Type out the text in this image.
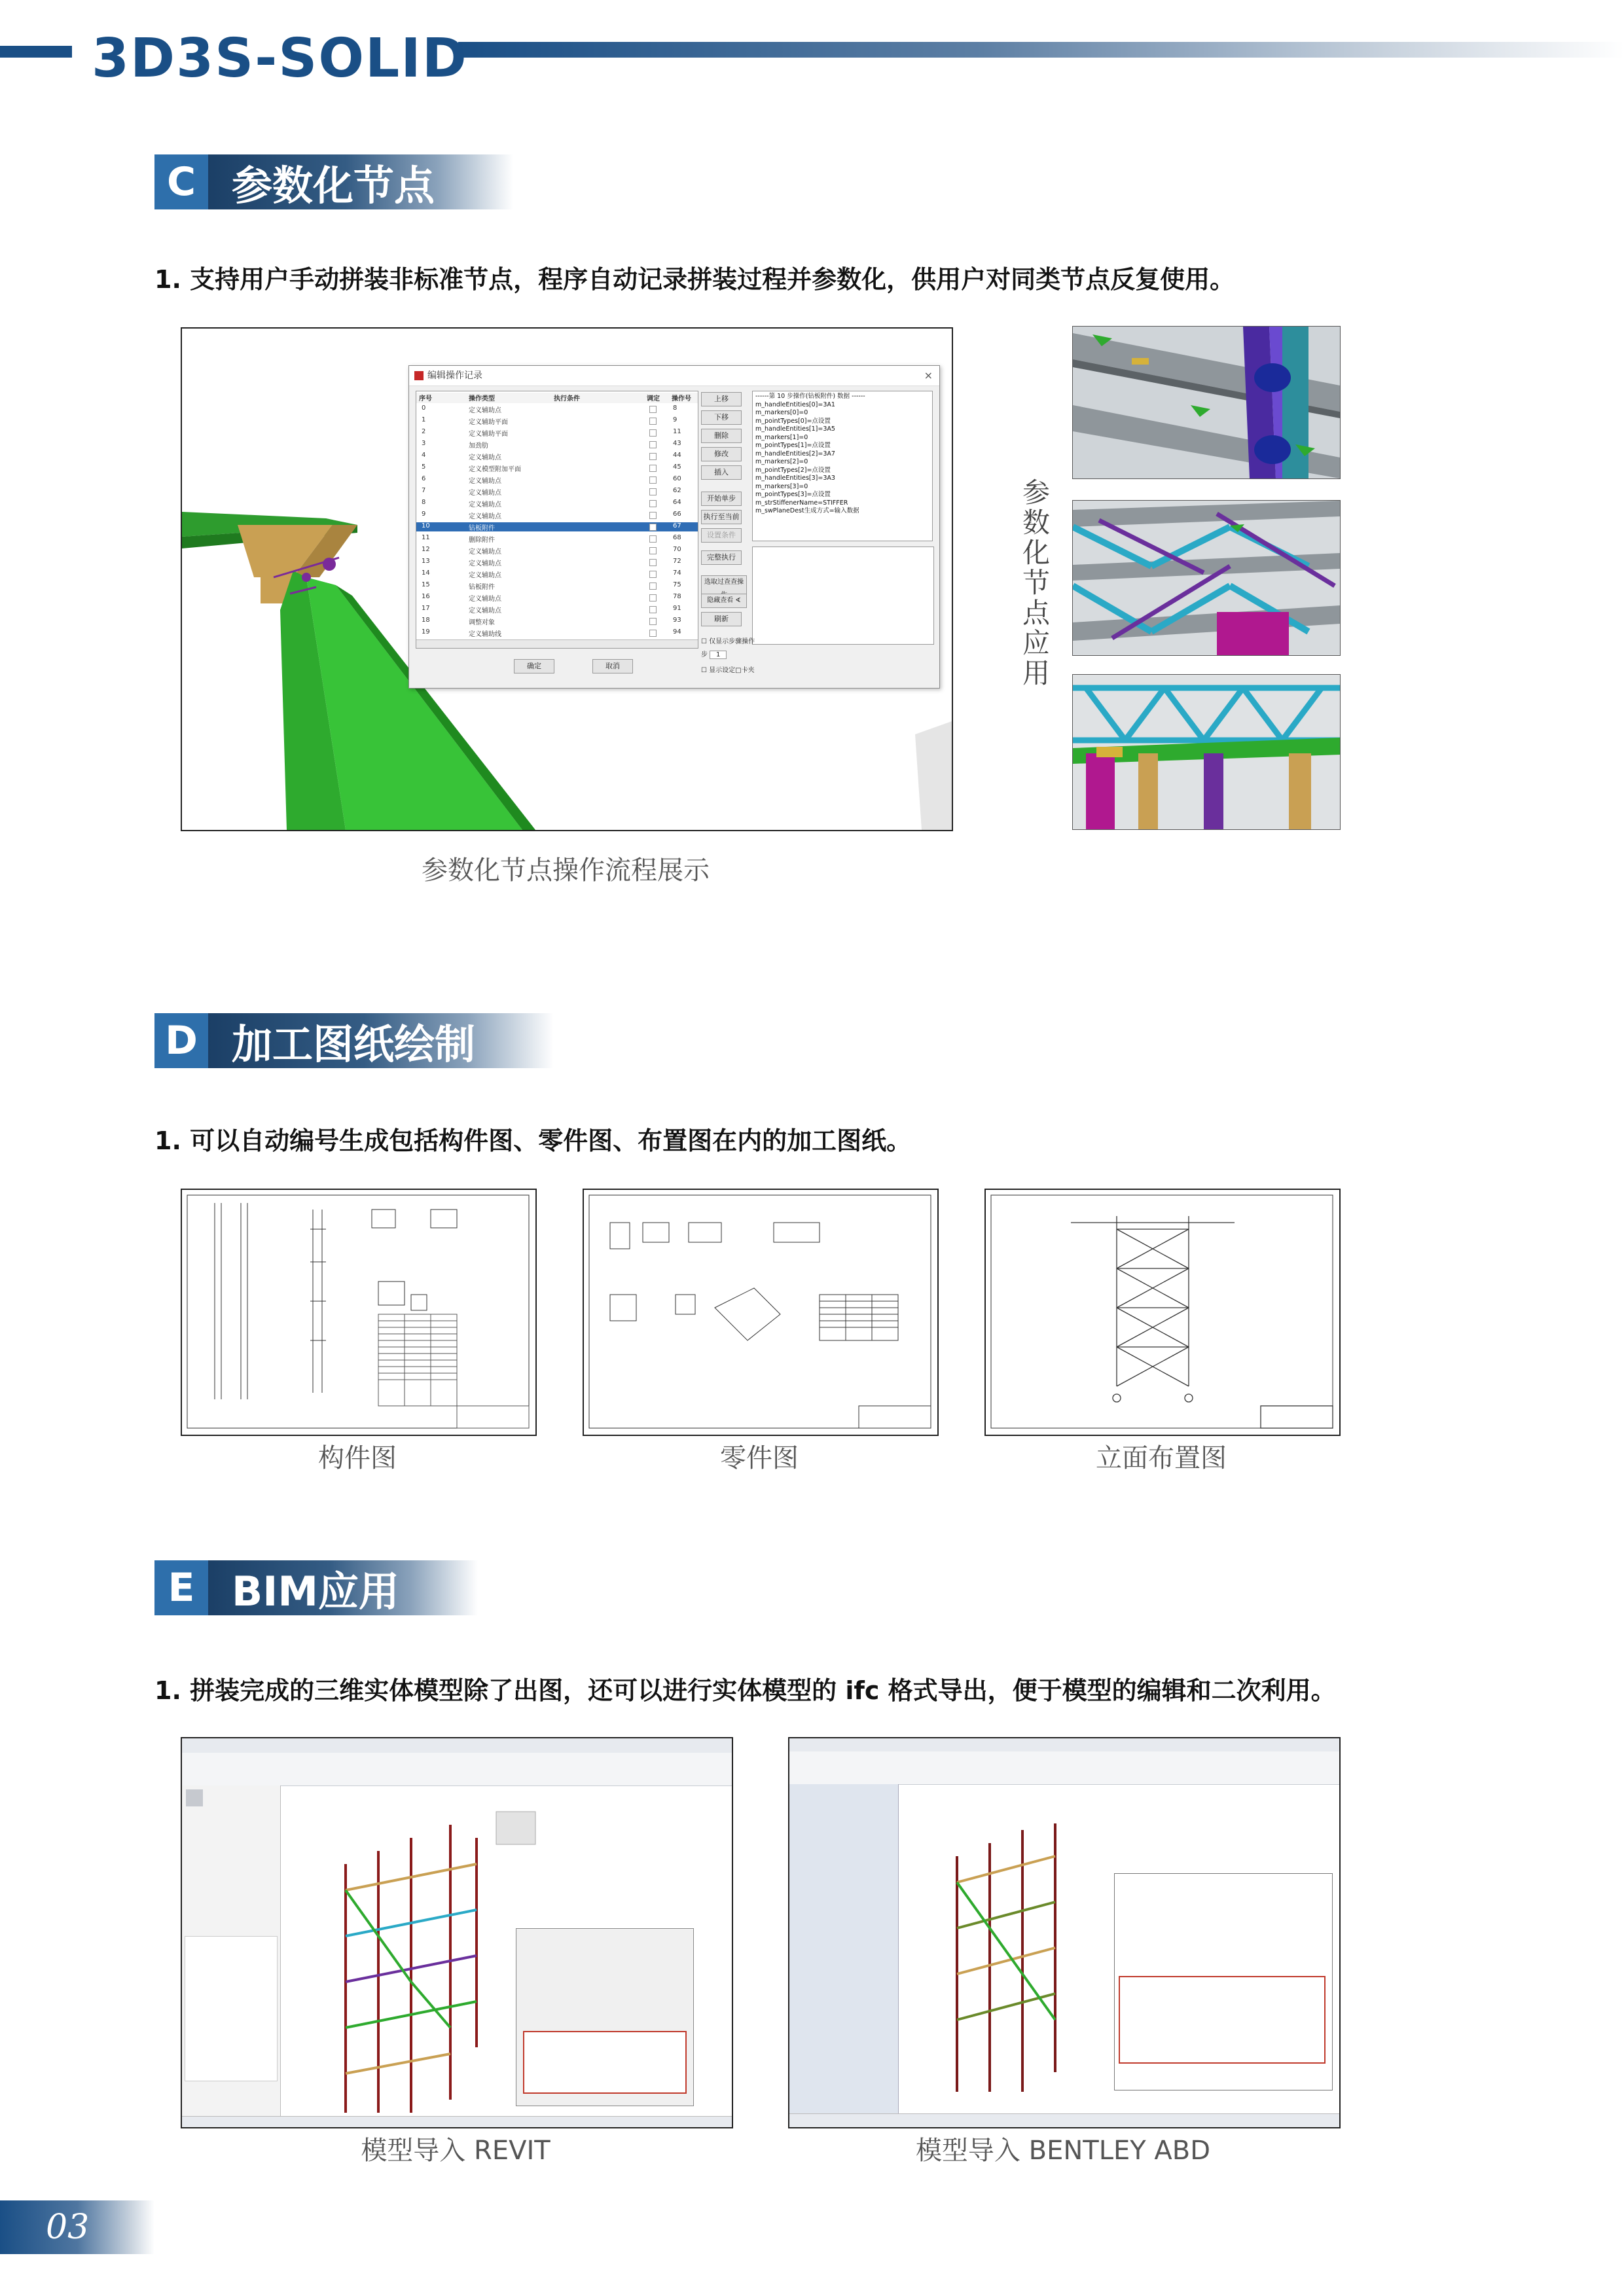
3D3S-SOLID
C 参数化节点
1. 支持用户手动拼装非标准节点，程序自动记录拼装过程并参数化，供用户对同类节点反复使用。
编辑操作记录	×
序号	操作类型	执行条件	调定 操作号
0	定义辅助点	8
1	定义辅助平面	9
2	定义辅助平面	11
3	加劲肋	43
4	定义辅助点	44
5	定义模型附加平面	45
6	定义辅助点	60
7	定义辅助点	62
8	定义辅助点	64
9	定义辅助点	66
10	钻板附件	67
11	删除附件	68
12	定义辅助点	70
13	定义辅助点	72
14	定义辅助点	74
15	钻板附件	75
16	定义辅助点	78
17	定义辅助点	91
18	调整对象	93
19	定义辅助线	94
上移
下移
删除
修改
插入
开始单步
执行至当前
设置条件
完整执行
选取过查查操
隐藏查看 ∢
刷新
------第 10 步操作(钻板附件) 数据 ------
m_handleEntities[0]=3A1
m_markers[0]=0
m_pointTypes[0]=点设置
m_handleEntities[1]=3A5
m_markers[1]=0
m_pointTypes[1]=点设置
m_handleEntities[2]=3A7
m_markers[2]=0
m_pointTypes[2]=点设置
m_handleEntities[3]=3A3
m_markers[3]=0
m_pointTypes[3]=点设置
m_strStiffenerName=STIFFER
m_swPlaneDest生成方式=输入数据
☐ 仅显示步骤操作
步 1
☐ 显示设定□卡夹
确定	取消
参数化节点操作流程展示
参数化节点应用
D 加工图纸绘制
1. 可以自动编号生成包括构件图、零件图、布置图在内的加工图纸。
构件图	零件图	立面布置图
E BIM应用
1. 拼装完成的三维实体模型除了出图，还可以进行实体模型的 ifc 格式导出，便于模型的编辑和二次利用。
模型导入 REVIT	模型导入 BENTLEY ABD
03
